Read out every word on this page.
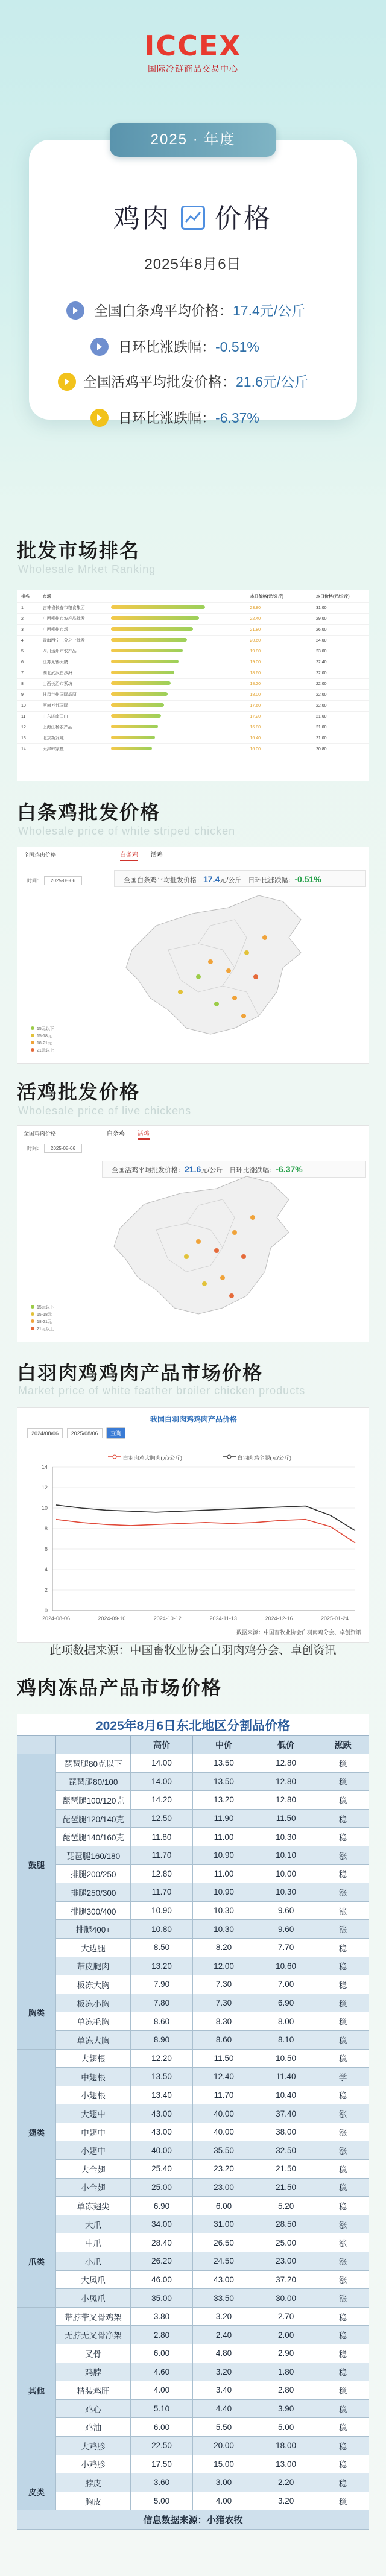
ICCEX
国际冷链商品交易中心
鸡肉 价格
2025年8月6日
全国白条鸡平均价格：17.4元/公斤
日环比涨跌幅：-0.51%
全国活鸡平均批发价格：21.6元/公斤
日环比涨跌幅：-6.37%
2025 · 年度
批发市场排名
Wholesale Mrket Ranking
排名	市场		本日价格(元/公斤)		本日价格(元/公斤)
1	吉林省长春市粮食集团		23.80		31.00
2	广西柳州市农产品批发		22.40		29.00
3	广西柳州市场		21.80		26.00
4	青海西宁三分之一批发		20.60		24.00
5	四川达州市农产品		19.80		23.00
6	江苏无锡天鹏		19.00		22.40
7	湖北武汉白沙洲		18.60		22.00
8	山西长治市紫坊		18.20		22.00
9	甘肃兰州国际高原		18.00		22.00
10	河南万邦国际		17.60		22.00
11	山东济南匡山		17.20		21.60
12	上海江杨农产品		16.80		21.00
13	北京新发地		16.40		21.00
14	天津韩家墅		16.00		20.80
白条鸡批发价格
Wholesale price of white striped chicken
全国鸡肉价格	白条鸡 活鸡
时间： 2025-08-06	全国白条鸡平均批发价格：17.4元/公斤 日环比涨跌幅：-0.51%
15元以下
15-18元
18-21元
21元以上
活鸡批发价格
Wholesale price of live chickens
全国鸡肉价格	白条鸡 活鸡
时间： 2025-08-06
全国活鸡平均批发价格：21.6元/公斤 日环比涨跌幅：-6.37%
15元以下
15-18元
18-21元
21元以上
白羽肉鸡鸡肉产品市场价格
Market price of white feather broiler chicken products
我国白羽肉鸡鸡肉产品价格
2024/08/06 2025/08/06 查询
白羽肉鸡大胸肉(元/公斤)	白羽肉鸡全腿(元/公斤)
0
2
4
6
8
10
12
14
2024-08-06	2024-09-10	2024-10-12	2024-11-13	2024-12-16	2025-01-24
数据来源：中国畜牧业协会白羽肉鸡分会、卓创资讯
此项数据来源：中国畜牧业协会白羽肉鸡分会、卓创资讯
鸡肉冻品产品市场价格
2025年8月6日东北地区分割品价格					
		高价	中价	低价	涨跌
鼓腿	琵琶腿80克以下	14.00	13.50	12.80	稳
	琵琶腿80/100	14.00	13.50	12.80	稳
	琵琶腿100/120克	14.20	13.20	12.80	稳
	琵琶腿120/140克	12.50	11.90	11.50	稳
	琵琶腿140/160克	11.80	11.00	10.30	稳
	琵琶腿160/180	11.70	10.90	10.10	涨
	排腿200/250	12.80	11.00	10.00	稳
	排腿250/300	11.70	10.90	10.30	涨
	排腿300/400	10.90	10.30	9.60	涨
	排腿400+	10.80	10.30	9.60	涨
	大边腿	8.50	8.20	7.70	稳
	带皮腿肉	13.20	12.00	10.60	稳
胸类	板冻大胸	7.90	7.30	7.00	稳
	板冻小胸	7.80	7.30	6.90	稳
	单冻毛胸	8.60	8.30	8.00	稳
	单冻大胸	8.90	8.60	8.10	稳
翅类	大翅根	12.20	11.50	10.50	稳
	中翅根	13.50	12.40	11.40	学
	小翅根	13.40	11.70	10.40	稳
	大翅中	43.00	40.00	37.40	涨
	中翅中	43.00	40.00	38.00	涨
	小翅中	40.00	35.50	32.50	涨
	大全翅	25.40	23.20	21.50	稳
	小全翅	25.00	23.00	21.50	稳
	单冻翅尖	6.90	6.00	5.20	稳
爪类	大爪	34.00	31.00	28.50	涨
	中爪	28.40	26.50	25.00	涨
	小爪	26.20	24.50	23.00	涨
	大凤爪	46.00	43.00	37.20	涨
	小凤爪	35.00	33.50	30.00	涨
其他	带脖带叉骨鸡架	3.80	3.20	2.70	稳
	无脖无叉骨净架	2.80	2.40	2.00	稳
	叉骨	6.00	4.80	2.90	稳
	鸡脖	4.60	3.20	1.80	稳
	精装鸡肝	4.00	3.40	2.80	稳
	鸡心	5.10	4.40	3.90	稳
	鸡油	6.00	5.50	5.00	稳
	大鸡胗	22.50	20.00	18.00	稳
	小鸡胗	17.50	15.00	13.00	稳
皮类	脖皮	3.60	3.00	2.20	稳
	胸皮	5.00	4.00	3.20	稳
信息数据来源：小猪农牧					
